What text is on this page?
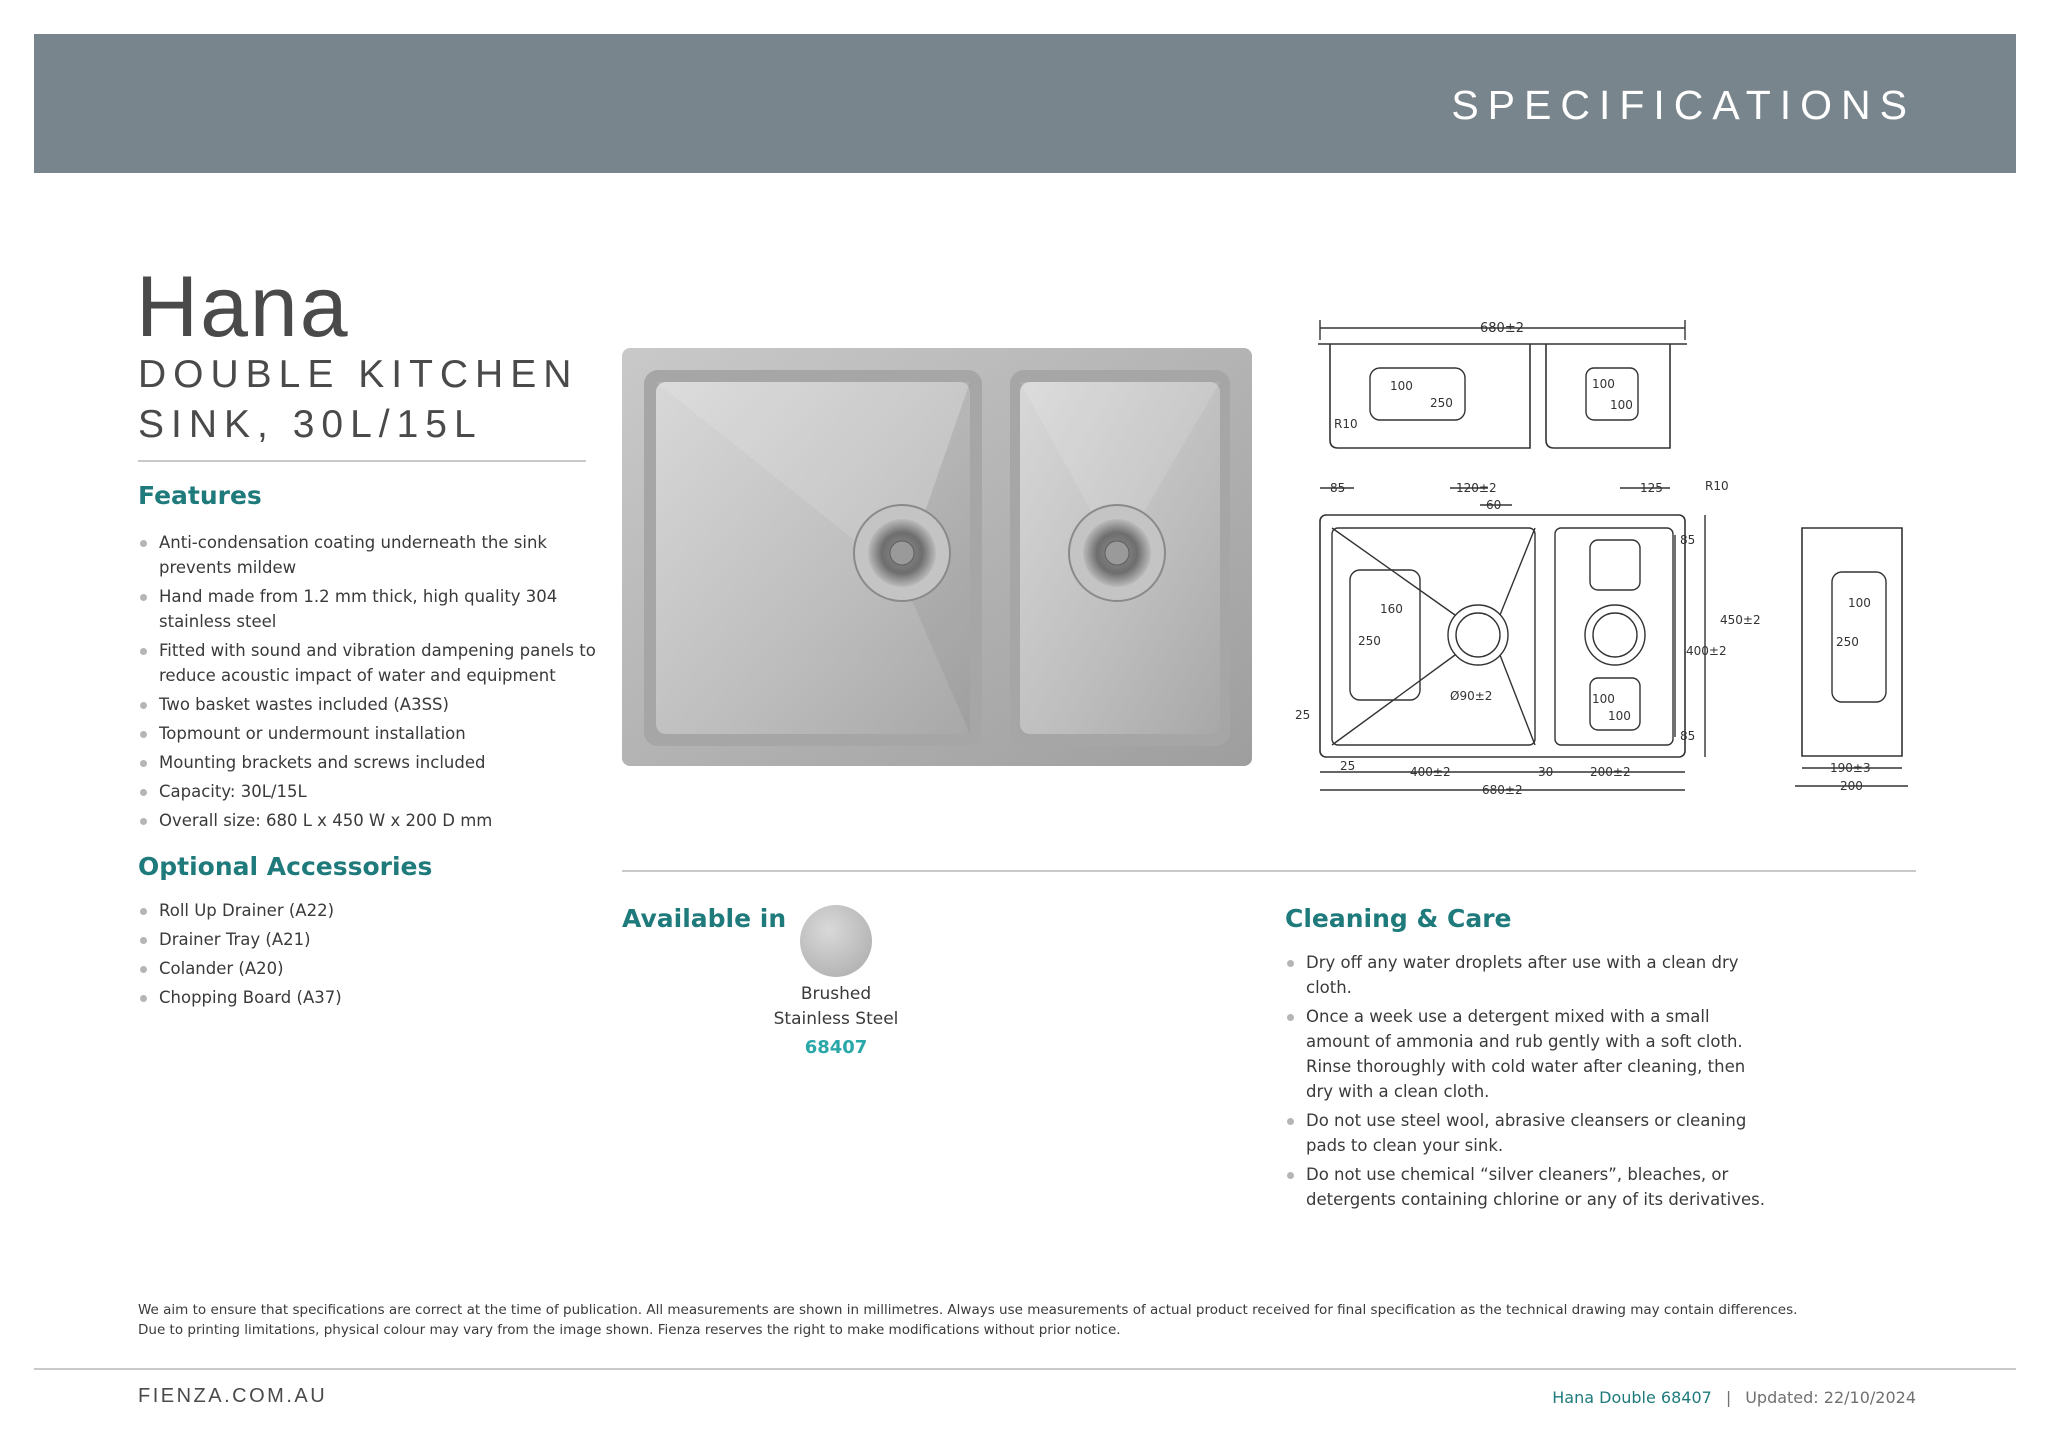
SPECIFICATIONS
Hana
DOUBLE KITCHEN SINK, 30L/15L
Features
Anti-condensation coating underneath the sink prevents mildew
Hand made from 1.2 mm thick, high quality 304 stainless steel
Fitted with sound and vibration dampening panels to reduce acoustic impact of water and equipment
Two basket wastes included (A3SS)
Topmount or undermount installation
Mounting brackets and screws included
Capacity: 30L/15L
Overall size: 680 L x 450 W x 200 D mm
Optional Accessories
Roll Up Drainer (A22)
Drainer Tray (A21)
Colander (A20)
Chopping Board (A37)
680±2
100
250
100
100
R10
85	120±2
60
125	R10
160
250
25
Ø90±2	100
100
85
85
450±2
400±2
25	400±2	30	200±2
680±2
100
250
190±3
200
Available in
Brushed
Stainless Steel
68407
Cleaning & Care
Dry off any water droplets after use with a clean dry cloth.
Once a week use a detergent mixed with a small amount of ammonia and rub gently with a soft cloth. Rinse thoroughly with cold water after cleaning, then dry with a clean cloth.
Do not use steel wool, abrasive cleansers or cleaning pads to clean your sink.
Do not use chemical “silver cleaners”, bleaches, or detergents containing chlorine or any of its derivatives.
We aim to ensure that specifications are correct at the time of publication. All measurements are shown in millimetres. Always use measurements of actual product received for final specification as the technical drawing may contain differences.
Due to printing limitations, physical colour may vary from the image shown. Fienza reserves the right to make modifications without prior notice.
FIENZA.COM.AU	Hana Double 68407 | Updated: 22/10/2024
